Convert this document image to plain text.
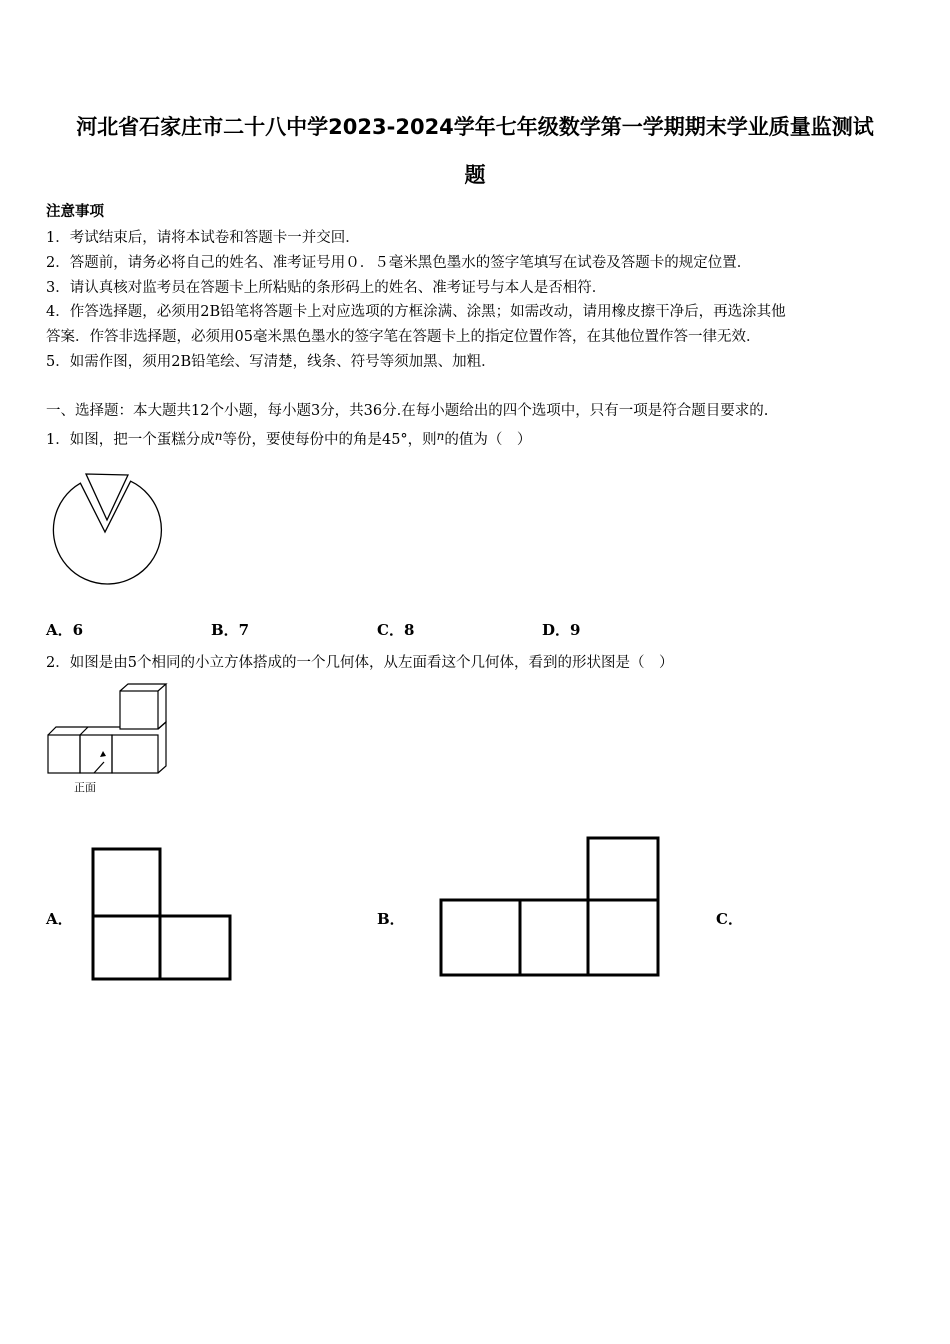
河北省石家庄市二十八中学2023-2024学年七年级数学第一学期期末学业质量监测试
题
注意事项
1．考试结束后，请将本试卷和答题卡一并交回．
2．答题前，请务必将自己的姓名、准考证号用０．５毫米黑色墨水的签字笔填写在试卷及答题卡的规定位置．
3．请认真核对监考员在答题卡上所粘贴的条形码上的姓名、准考证号与本人是否相符．
4．作答选择题，必须用2B铅笔将答题卡上对应选项的方框涂满、涂黑；如需改动，请用橡皮擦干净后，再选涂其他
答案．作答非选择题，必须用05毫米黑色墨水的签字笔在答题卡上的指定位置作答，在其他位置作答一律无效．
5．如需作图，须用2B铅笔绘、写清楚，线条、符号等须加黑、加粗．
一、选择题：本大题共12个小题，每小题3分，共36分.在每小题给出的四个选项中，只有一项是符合题目要求的.
1．如图，把一个蛋糕分成$^n$等份，要使每份中的角是45°，则$^n$的值为（　）
A．6	B．7	C．8	D．9
2．如图是由5个相同的小立方体搭成的一个几何体，从左面看这个几何体，看到的形状图是（　）
正面
A．	B．	C．
